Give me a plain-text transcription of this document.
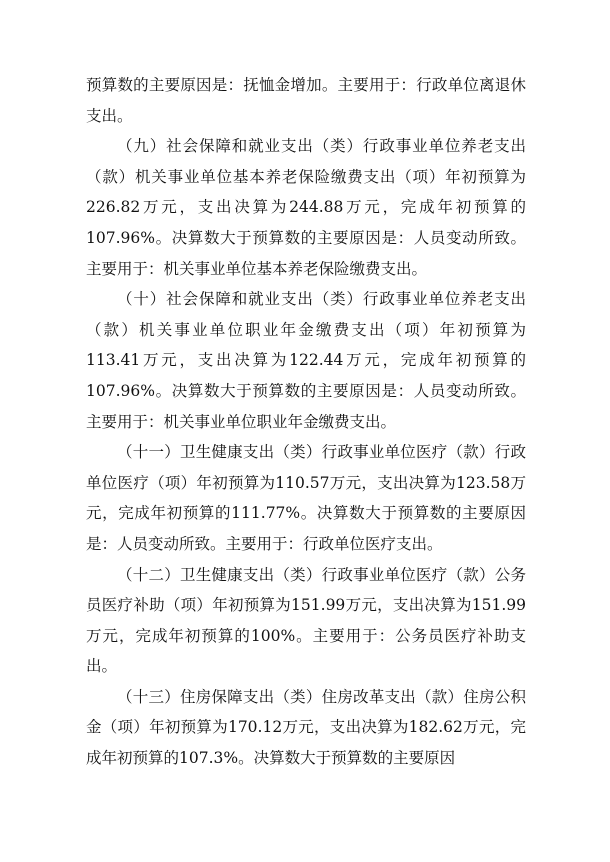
预算数的主要原因是：抚恤金增加。主要用于：行政单位离退休支出。

（九）社会保障和就业支出（类）行政事业单位养老支出（款）机关事业单位基本养老保险缴费支出（项）年初预算为226.82万元，支出决算为244.88万元，完成年初预算的107.96%。决算数大于预算数的主要原因是：人员变动所致。主要用于：机关事业单位基本养老保险缴费支出。

（十）社会保障和就业支出（类）行政事业单位养老支出（款）机关事业单位职业年金缴费支出（项）年初预算为113.41万元，支出决算为122.44万元，完成年初预算的107.96%。决算数大于预算数的主要原因是：人员变动所致。主要用于：机关事业单位职业年金缴费支出。

（十一）卫生健康支出（类）行政事业单位医疗（款）行政单位医疗（项）年初预算为110.57万元，支出决算为123.58万元，完成年初预算的111.77%。决算数大于预算数的主要原因是：人员变动所致。主要用于：行政单位医疗支出。

（十二）卫生健康支出（类）行政事业单位医疗（款）公务员医疗补助（项）年初预算为151.99万元，支出决算为151.99万元，完成年初预算的100%。主要用于：公务员医疗补助支出。

（十三）住房保障支出（类）住房改革支出（款）住房公积金（项）年初预算为170.12万元，支出决算为182.62万元，完成年初预算的107.3%。决算数大于预算数的主要原因
